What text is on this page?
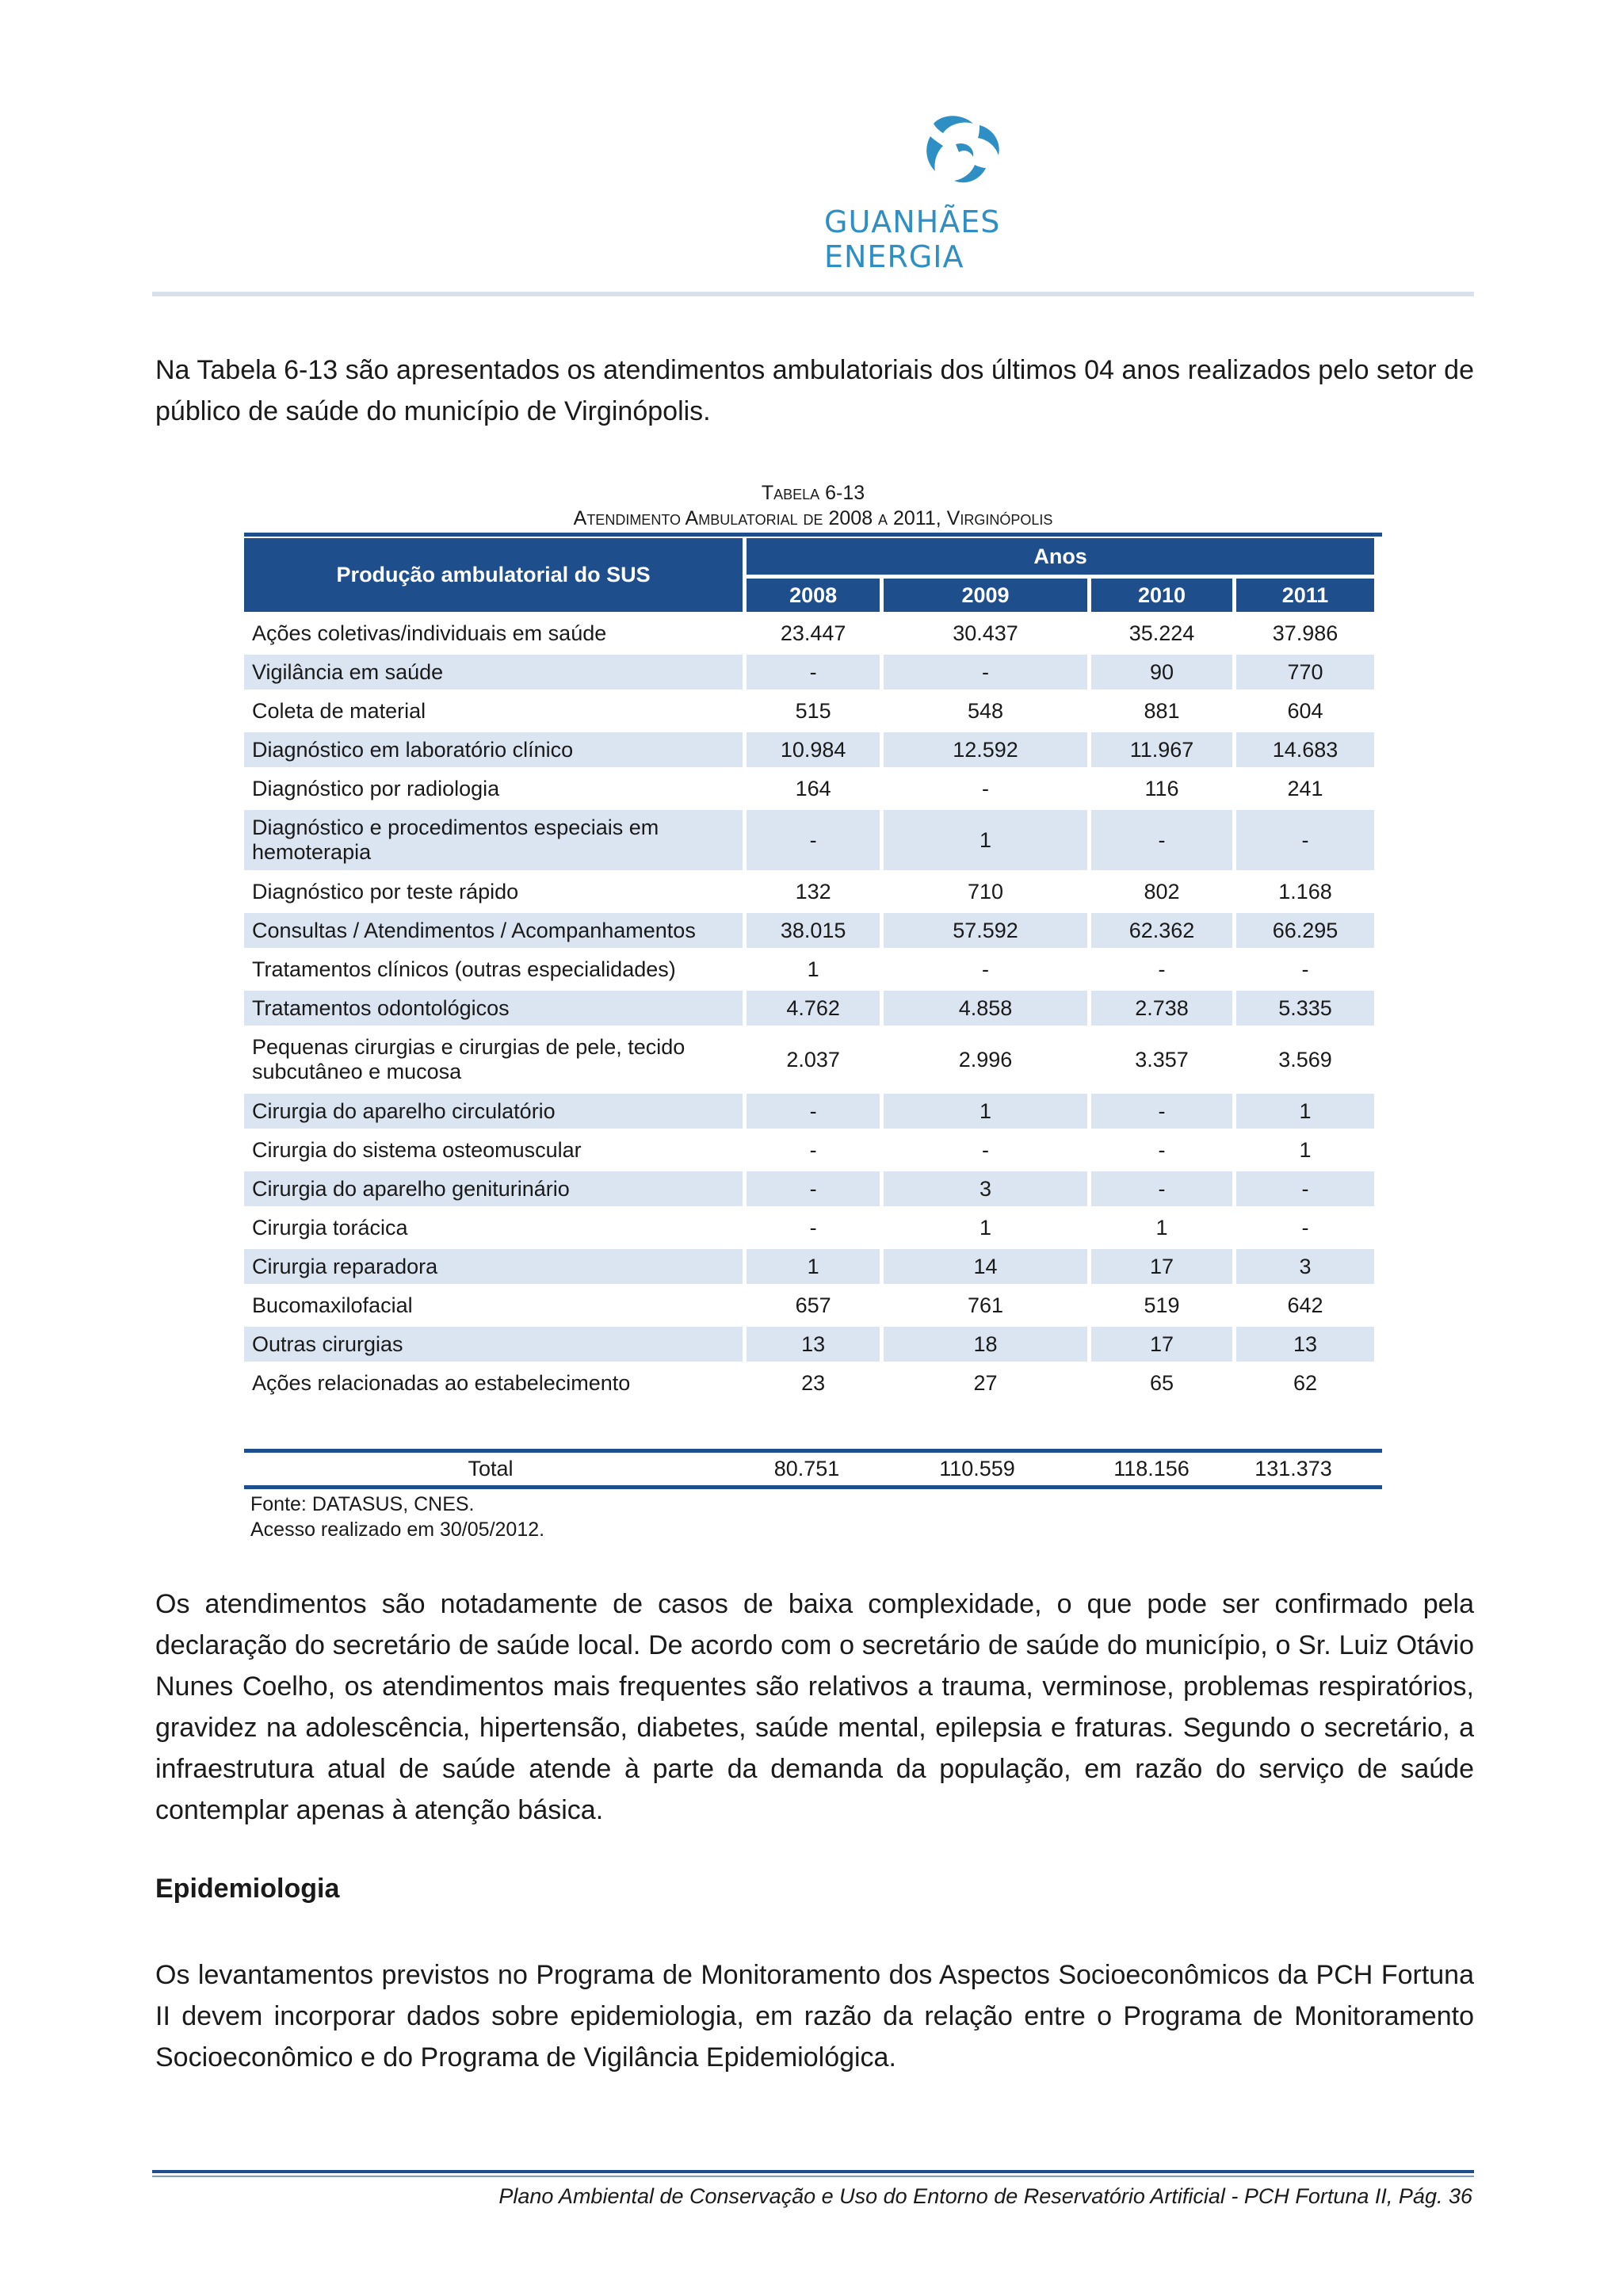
GUANHÃES ENERGIA

Na Tabela 6-13 são apresentados os atendimentos ambulatoriais dos últimos 04 anos realizados pelo setor de público de saúde do município de Virginópolis.

Tabela 6-13
Atendimento Ambulatorial de 2008 a 2011, Virginópolis
Produção ambulatorial do SUS	Anos			
	2008	2009	2010	2011
Ações coletivas/individuais em saúde	23.447	30.437	35.224	37.986
Vigilância em saúde	-	-	90	770
Coleta de material	515	548	881	604
Diagnóstico em laboratório clínico	10.984	12.592	11.967	14.683
Diagnóstico por radiologia	164	-	116	241
Diagnóstico e procedimentos especiais em hemoterapia	-	1	-	-
Diagnóstico por teste rápido	132	710	802	1.168
Consultas / Atendimentos / Acompanhamentos	38.015	57.592	62.362	66.295
Tratamentos clínicos (outras especialidades)	1	-	-	-
Tratamentos odontológicos	4.762	4.858	2.738	5.335
Pequenas cirurgias e cirurgias de pele, tecido subcutâneo e mucosa	2.037	2.996	3.357	3.569
Cirurgia do aparelho circulatório	-	1	-	1
Cirurgia do sistema osteomuscular	-	-	-	1
Cirurgia do aparelho geniturinário	-	3	-	-
Cirurgia torácica	-	1	1	-
Cirurgia reparadora	1	14	17	3
Bucomaxilofacial	657	761	519	642
Outras cirurgias	13	18	17	13
Ações relacionadas ao estabelecimento	23	27	65	62
Total	80.751	110.559	118.156	131.373
Fonte: DATASUS, CNES.
Acesso realizado em 30/05/2012.

Os atendimentos são notadamente de casos de baixa complexidade, o que pode ser confirmado pela declaração do secretário de saúde local. De acordo com o secretário de saúde do município, o Sr. Luiz Otávio Nunes Coelho, os atendimentos mais frequentes são relativos a trauma, verminose, problemas respiratórios, gravidez na adolescência, hipertensão, diabetes, saúde mental, epilepsia e fraturas. Segundo o secretário, a infraestrutura atual de saúde atende à parte da demanda da população, em razão do serviço de saúde contemplar apenas à atenção básica.

Epidemiologia

Os levantamentos previstos no Programa de Monitoramento dos Aspectos Socioeconômicos da PCH Fortuna II devem incorporar dados sobre epidemiologia, em razão da relação entre o Programa de Monitoramento Socioeconômico e do Programa de Vigilância Epidemiológica.

Plano Ambiental de Conservação e Uso do Entorno de Reservatório Artificial - PCH Fortuna II, Pág. 36
